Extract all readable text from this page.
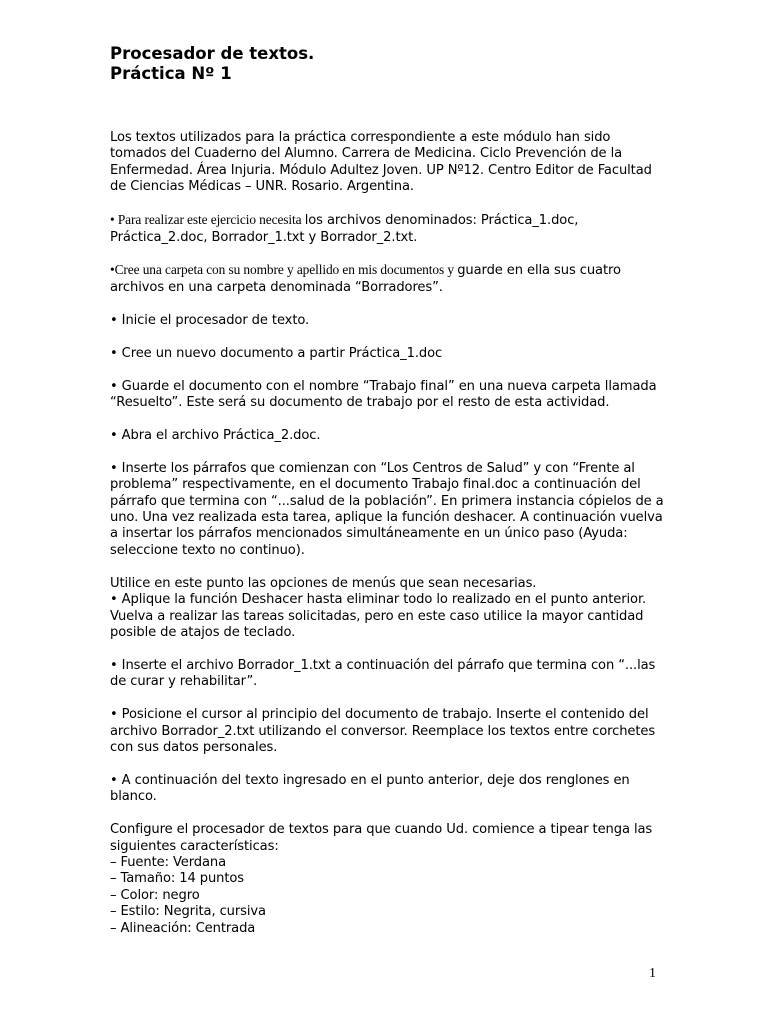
Procesador de textos.
Práctica Nº 1

Los textos utilizados para la práctica correspondiente a este módulo han sido tomados del Cuaderno del Alumno. Carrera de Medicina. Ciclo Prevención de la Enfermedad. Área Injuria. Módulo Adultez Joven. UP Nº12. Centro Editor de Facultad de Ciencias Médicas – UNR. Rosario. Argentina.

• Para realizar este ejercicio necesita los archivos denominados: Práctica_1.doc, Práctica_2.doc, Borrador_1.txt y Borrador_2.txt.

•Cree una carpeta con su nombre y apellido en mis documentos y guarde en ella sus cuatro archivos en una carpeta denominada “Borradores”.

• Inicie el procesador de texto.

• Cree un nuevo documento a partir Práctica_1.doc

• Guarde el documento con el nombre “Trabajo final” en una nueva carpeta llamada “Resuelto”. Este será su documento de trabajo por el resto de esta actividad.

• Abra el archivo Práctica_2.doc.

• Inserte los párrafos que comienzan con “Los Centros de Salud” y con “Frente al problema” respectivamente, en el documento Trabajo final.doc a continuación del párrafo que termina con “...salud de la población”. En primera instancia cópielos de a uno. Una vez realizada esta tarea, aplique la función deshacer. A continuación vuelva a insertar los párrafos mencionados simultáneamente en un único paso (Ayuda: seleccione texto no continuo).

Utilice en este punto las opciones de menús que sean necesarias.

• Aplique la función Deshacer hasta eliminar todo lo realizado en el punto anterior. Vuelva a realizar las tareas solicitadas, pero en este caso utilice la mayor cantidad posible de atajos de teclado.

• Inserte el archivo Borrador_1.txt a continuación del párrafo que termina con “...las de curar y rehabilitar”.

• Posicione el cursor al principio del documento de trabajo. Inserte el contenido del archivo Borrador_2.txt utilizando el conversor. Reemplace los textos entre corchetes con sus datos personales.

• A continuación del texto ingresado en el punto anterior, deje dos renglones en blanco.

Configure el procesador de textos para que cuando Ud. comience a tipear tenga las siguientes características:

– Fuente: Verdana
– Tamaño: 14 puntos
– Color: negro
– Estilo: Negrita, cursiva
– Alineación: Centrada
1
